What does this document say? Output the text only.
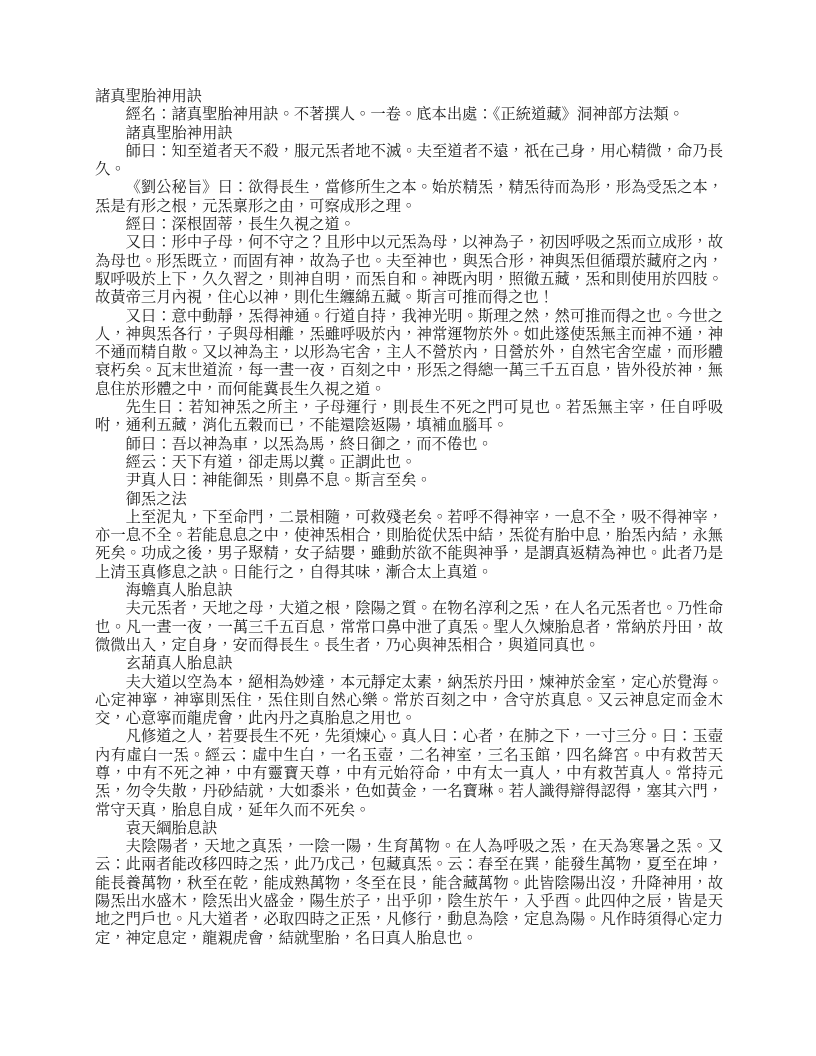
諸真聖胎神用訣

經名：諸真聖胎神用訣。不著撰人。一卷。底本出處：《正統道藏》洞神部方法類。

諸真聖胎神用訣

師曰：知至道者天不殺，服元炁者地不滅。夫至道者不遠，祇在己身，用心精微，命乃長久。

《劉公秘旨》曰：欲得長生，當修所生之本。始於精炁，精炁待而為形，形為受炁之本，炁是有形之根，元炁稟形之由，可察成形之理。

經曰：深根固蒂，長生久視之道。

又曰：形中子母，何不守之？且形中以元炁為母，以神為子，初因呼吸之炁而立成形，故為母也。形炁既立，而固有神，故為子也。夫至神也，與炁合形，神與炁但循環於藏府之內，馭呼吸於上下，久久習之，則神自明，而炁自和。神既內明，照徹五藏，炁和則使用於四肢。故黃帝三月內視，住心以神，則化生纏綿五藏。斯言可推而得之也！

又曰：意中動靜，炁得神通。行道自持，我神光明。斯理之然，然可推而得之也。今世之人，神與炁各行，子與母相離，炁雖呼吸於內，神常運物於外。如此遂使炁無主而神不通，神不通而精自散。又以神為主，以形為宅舍，主人不營於內，日營於外，自然宅舍空虛，而形體衰朽矣。瓦末世道流，每一晝一夜，百刻之中，形炁之得總一萬三千五百息，皆外役於神，無息住於形體之中，而何能冀長生久視之道。

先生曰：若知神炁之所主，子母運行，則長生不死之門可見也。若炁無主宰，任自呼吸咐，通利五藏，消化五穀而已，不能還陰返陽，填補血腦耳。

師曰：吾以神為車，以炁為馬，終日御之，而不倦也。

經云：天下有道，卻走馬以糞。正謂此也。

尹真人曰：神能御炁，則鼻不息。斯言至矣。

御炁之法

上至泥丸，下至命門，二景相隨，可救殘老矣。若呼不得神宰，一息不全，吸不得神宰，亦一息不全。若能息息之中，使神炁相合，則胎從伏炁中結，炁從有胎中息，胎炁內結，永無死矣。功成之後，男子聚精，女子結嬰，雖動於欲不能與神爭，是謂真返精為神也。此者乃是上清玉真修息之訣。日能行之，自得其味，漸合太上真道。

海蟾真人胎息訣

夫元炁者，天地之母，大道之根，陰陽之質。在物名淳利之炁，在人名元炁者也。乃性命也。凡一晝一夜，一萬三千五百息，常常口鼻中泄了真炁。聖人久煉胎息者，常納於丹田，故微微出入，定自身，安而得長生。長生者，乃心與神炁相合，與道同真也。

玄葫真人胎息訣

夫大道以空為本，絕相為妙達，本元靜定太素，納炁於丹田，煉神於金室，定心於覺海。心定神寧，神寧則炁住，炁住則自然心樂。常於百刻之中，含守於真息。又云神息定而金木交，心意寧而龍虎會，此內丹之真胎息之用也。

凡修道之人，若要長生不死，先須煉心。真人曰：心者，在肺之下，一寸三分。曰：玉壺內有虛白一炁。經云：虛中生白，一名玉壺，二名神室，三名玉館，四名絳宮。中有救苦天尊，中有不死之神，中有靈寶天尊，中有元始符命，中有太一真人，中有救苦真人。常持元炁，勿令失散，丹砂結就，大如黍米，色如黃金，一名寶琳。若人識得辯得認得，塞其六門，常守天真，胎息自成，延年久而不死矣。

袁天綱胎息訣

夫陰陽者，天地之真炁，一陰一陽，生育萬物。在人為呼吸之炁，在天為寒暑之炁。又云：此兩者能改移四時之炁，此乃戊己，包藏真炁。云：春至在巽，能發生萬物，夏至在坤，能長養萬物，秋至在乾，能成熟萬物，冬至在艮，能含藏萬物。此皆陰陽出沒，升降神用，故陽炁出水盛木，陰炁出火盛金，陽生於子，出乎卯，陰生於午，入乎酉。此四仲之辰，皆是天地之門戶也。凡大道者，必取四時之正炁，凡修行，動息為陰，定息為陽。凡作時須得心定力定，神定息定，龍親虎會，結就聖胎，名曰真人胎息也。
